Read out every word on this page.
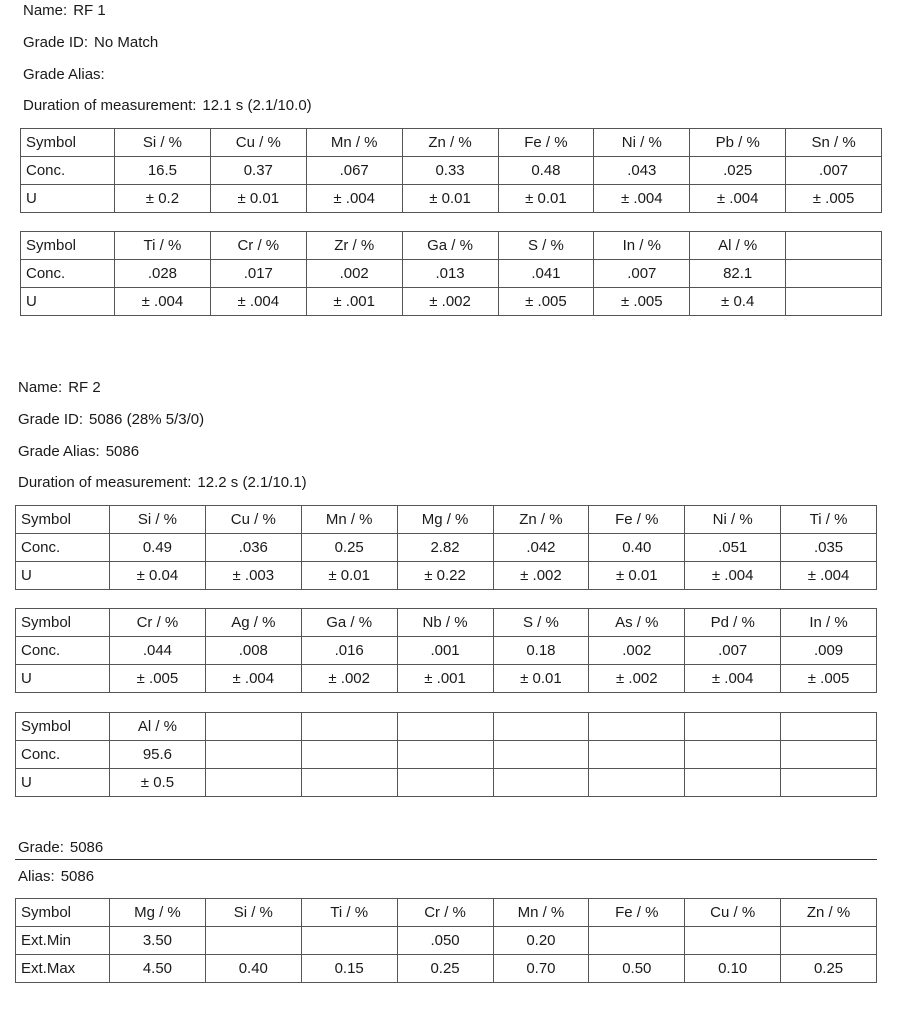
Name: RF 1
Grade ID: No Match
Grade Alias:
Duration of measurement: 12.1 s (2.1/10.0)
Symbol	Si / %	Cu / %	Mn / %	Zn / %	Fe / %	Ni / %	Pb / %	Sn / %
Conc.	16.5	0.37	.067	0.33	0.48	.043	.025	.007
U	± 0.2	± 0.01	± .004	± 0.01	± 0.01	± .004	± .004	± .005
Symbol	Ti / %	Cr / %	Zr / %	Ga / %	S / %	In / %	Al / %	
Conc.	.028	.017	.002	.013	.041	.007	82.1	
U	± .004	± .004	± .001	± .002	± .005	± .005	± 0.4	
Name: RF 2
Grade ID: 5086 (28% 5/3/0)
Grade Alias: 5086
Duration of measurement: 12.2 s (2.1/10.1)
Symbol	Si / %	Cu / %	Mn / %	Mg / %	Zn / %	Fe / %	Ni / %	Ti / %
Conc.	0.49	.036	0.25	2.82	.042	0.40	.051	.035
U	± 0.04	± .003	± 0.01	± 0.22	± .002	± 0.01	± .004	± .004
Symbol	Cr / %	Ag / %	Ga / %	Nb / %	S / %	As / %	Pd / %	In / %
Conc.	.044	.008	.016	.001	0.18	.002	.007	.009
U	± .005	± .004	± .002	± .001	± 0.01	± .002	± .004	± .005
Symbol	Al / %							
Conc.	95.6							
U	± 0.5							
Grade: 5086
Alias: 5086
Symbol	Mg / %	Si / %	Ti / %	Cr / %	Mn / %	Fe / %	Cu / %	Zn / %
Ext.Min	3.50			.050	0.20			
Ext.Max	4.50	0.40	0.15	0.25	0.70	0.50	0.10	0.25
